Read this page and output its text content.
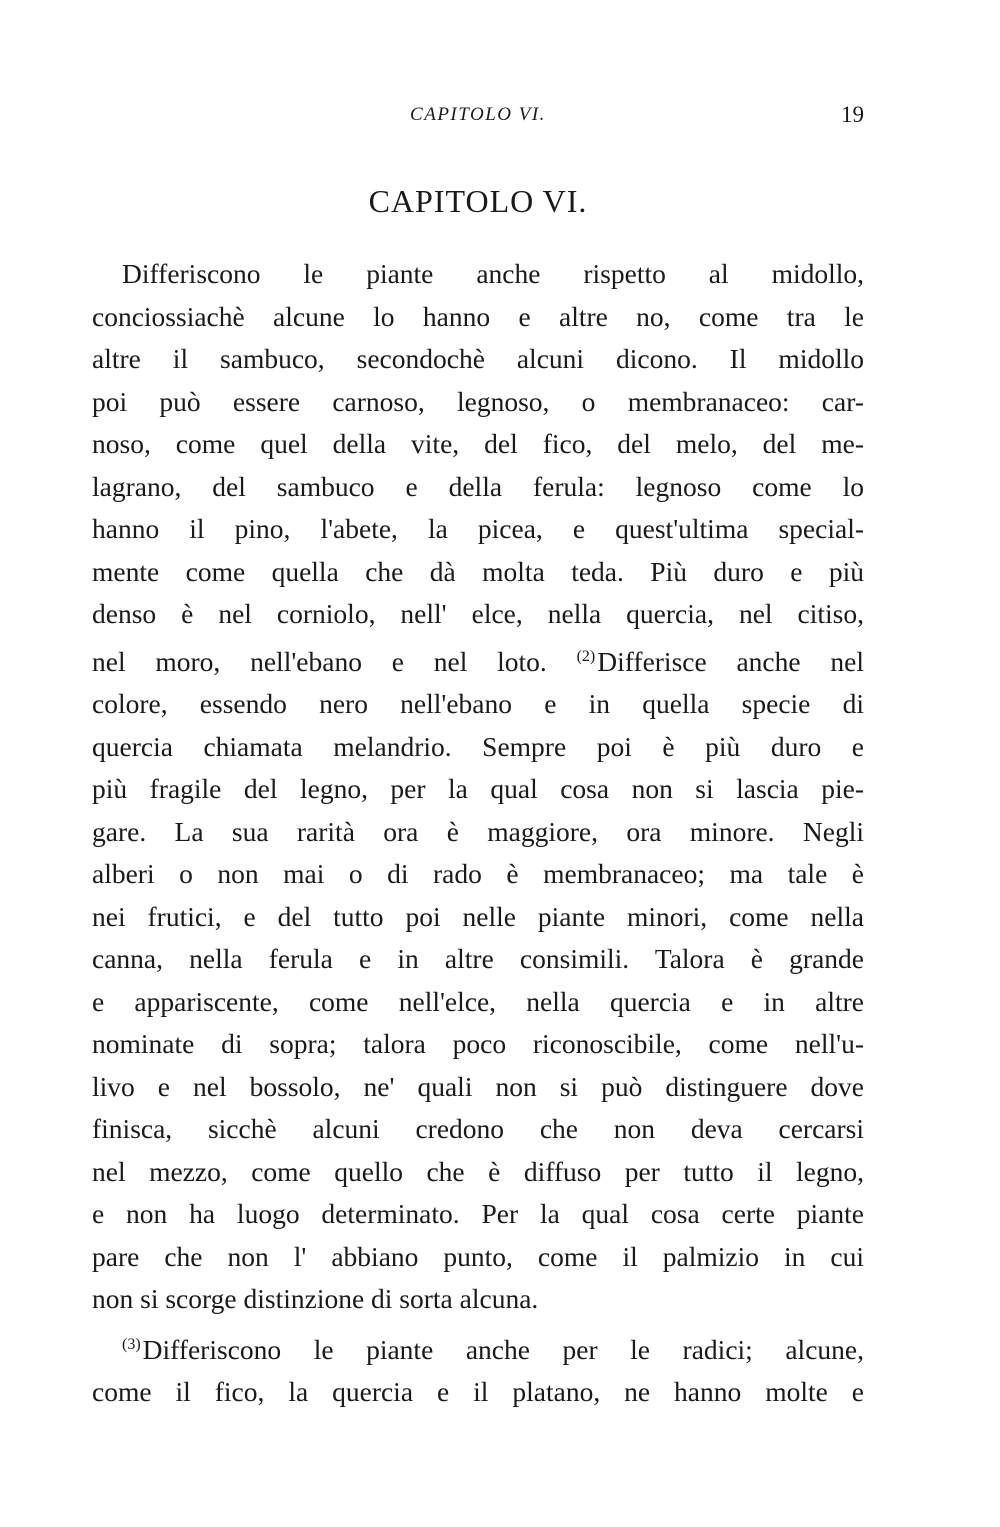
CAPITOLO VI.	19
CAPITOLO VI.
Differiscono le piante anche rispetto al midollo,
conciossiachè alcune lo hanno e altre no, come tra le
altre il sambuco, secondochè alcuni dicono. Il midollo
poi può essere carnoso, legnoso, o membranaceo: car-
noso, come quel della vite, del fico, del melo, del me-
lagrano, del sambuco e della ferula: legnoso come lo
hanno il pino, l'abete, la picea, e quest'ultima special-
mente come quella che dà molta teda. Più duro e più
denso è nel corniolo, nell' elce, nella quercia, nel citiso,
nel moro, nell'ebano e nel loto. $^{(2)}$Differisce anche nel
colore, essendo nero nell'ebano e in quella specie di
quercia chiamata melandrio. Sempre poi è più duro e
più fragile del legno, per la qual cosa non si lascia pie-
gare. La sua rarità ora è maggiore, ora minore. Negli
alberi o non mai o di rado è membranaceo; ma tale è
nei frutici, e del tutto poi nelle piante minori, come nella
canna, nella ferula e in altre consimili. Talora è grande
e appariscente, come nell'elce, nella quercia e in altre
nominate di sopra; talora poco riconoscibile, come nell'u-
livo e nel bossolo, ne' quali non si può distinguere dove
finisca, sicchè alcuni credono che non deva cercarsi
nel mezzo, come quello che è diffuso per tutto il legno,
e non ha luogo determinato. Per la qual cosa certe piante
pare che non l' abbiano punto, come il palmizio in cui
non si scorge distinzione di sorta alcuna.
$^{(3)}$Differiscono le piante anche per le radici; alcune,
come il fico, la quercia e il platano, ne hanno molte e
